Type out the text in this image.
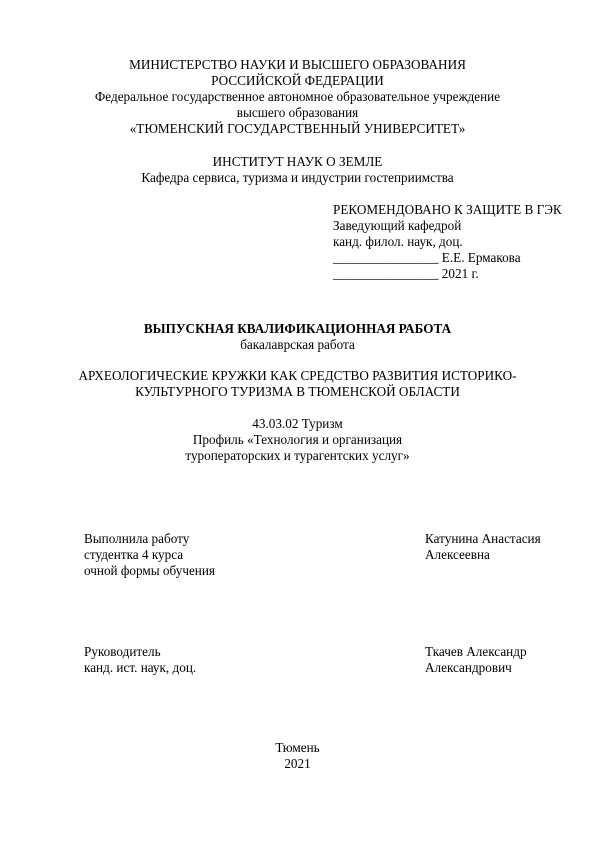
МИНИСТЕРСТВО НАУКИ И ВЫСШЕГО ОБРАЗОВАНИЯ
РОССИЙСКОЙ ФЕДЕРАЦИИ
Федеральное государственное автономное образовательное учреждение
высшего образования
«ТЮМЕНСКИЙ ГОСУДАРСТВЕННЫЙ УНИВЕРСИТЕТ»
ИНСТИТУТ НАУК О ЗЕМЛЕ
Кафедра сервиса, туризма и индустрии гостеприимства
РЕКОМЕНДОВАНО К ЗАЩИТЕ В ГЭК
Заведующий кафедрой
канд. филол. наук, доц.
________________ Е.Е. Ермакова
________________ 2021 г.
ВЫПУСКНАЯ КВАЛИФИКАЦИОННАЯ РАБОТА
бакалаврская работа
АРХЕОЛОГИЧЕСКИЕ КРУЖКИ КАК СРЕДСТВО РАЗВИТИЯ ИСТОРИКО-
КУЛЬТУРНОГО ТУРИЗМА В ТЮМЕНСКОЙ ОБЛАСТИ
43.03.02 Туризм
Профиль «Технология и организация
туроператорских и турагентских услуг»
Выполнила работу
студентка 4 курса
очной формы обучения
Катунина Анастасия
Алексеевна
Руководитель
канд. ист. наук, доц.
Ткачев Александр
Александрович
Тюмень
2021
